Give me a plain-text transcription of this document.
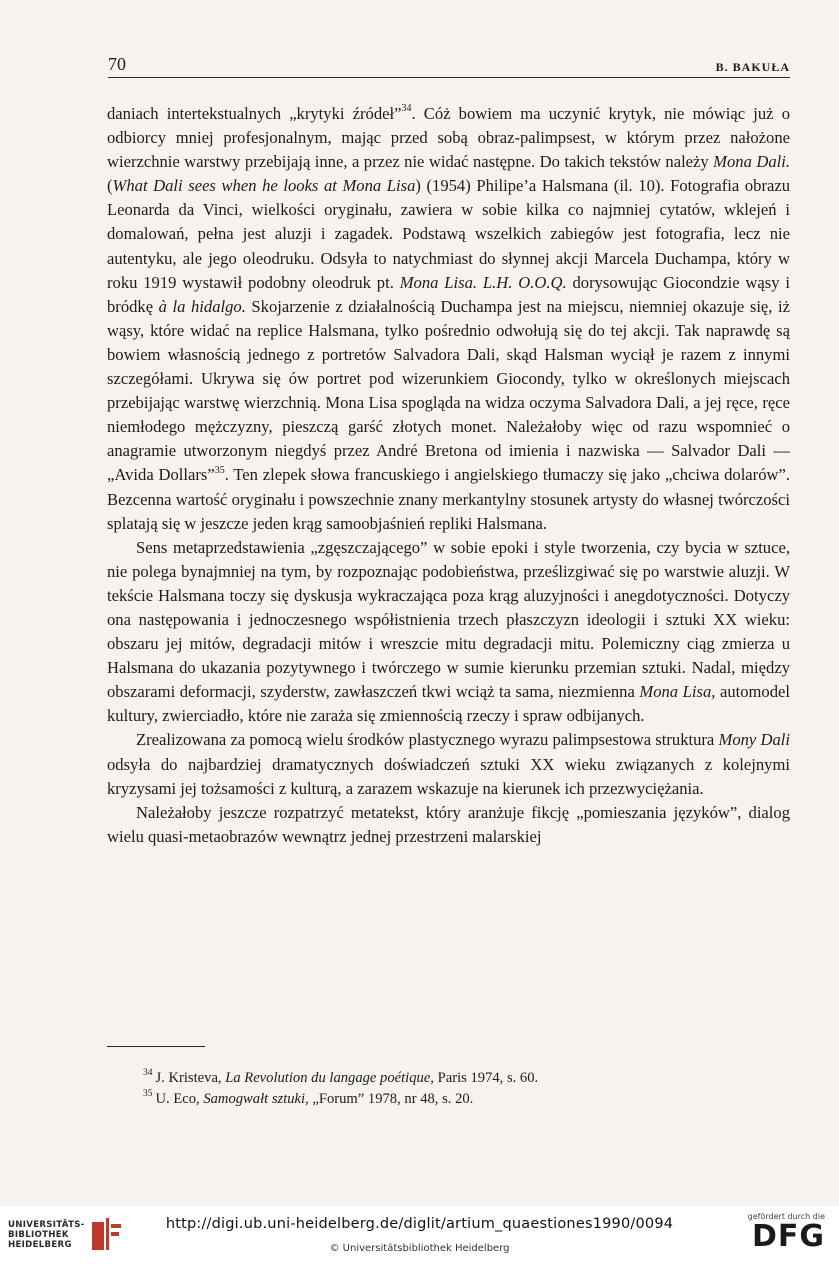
70	B. BAKUŁA

daniach intertekstualnych „krytyki źródeł”$^{34}$. Cóż bowiem ma uczynić krytyk, nie mówiąc już o odbiorcy mniej profesjonalnym, mając przed sobą obraz-palimpsest, w którym przez nałożone wierzchnie warstwy przebijają inne, a przez nie widać następne. Do takich tekstów należy Mona Dali. (What Dali sees when he looks at Mona Lisa) (1954) Philipe’a Halsmana (il. 10). Fotografia obrazu Leonarda da Vinci, wielkości oryginału, zawiera w sobie kilka co najmniej cytatów, wklejeń i domalowań, pełna jest aluzji i zagadek. Podstawą wszelkich zabiegów jest fotografia, lecz nie autentyku, ale jego oleodruku. Odsyła to natychmiast do słynnej akcji Marcela Duchampa, który w roku 1919 wystawił podobny oleodruk pt. Mona Lisa. L.H. O.O.Q. dorysowując Giocondzie wąsy i bródkę à la hidalgo. Skojarzenie z działalnością Duchampa jest na miejscu, niemniej okazuje się, iż wąsy, które widać na replice Halsmana, tylko pośrednio odwołują się do tej akcji. Tak naprawdę są bowiem własnością jednego z portretów Salvadora Dali, skąd Halsman wyciął je razem z innymi szczegółami. Ukrywa się ów portret pod wizerunkiem Giocondy, tylko w określonych miejscach przebijając warstwę wierzchnią. Mona Lisa spogląda na widza oczyma Salvadora Dali, a jej ręce, ręce niemłodego mężczyzny, pieszczą garść złotych monet. Należałoby więc od razu wspomnieć o anagramie utworzonym niegdyś przez André Bretona od imienia i nazwiska — Salvador Dali — „Avida Dollars”$^{35}$. Ten zlepek słowa francuskiego i angielskiego tłumaczy się jako „chciwa dolarów”. Bezcenna wartość oryginału i powszechnie znany merkantylny stosunek artysty do własnej twórczości splatają się w jeszcze jeden krąg samoobjaśnień repliki Halsmana.

Sens metaprzedstawienia „zgęszczającego” w sobie epoki i style tworzenia, czy bycia w sztuce, nie polega bynajmniej na tym, by rozpoznając podobieństwa, prześlizgiwać się po warstwie aluzji. W tekście Halsmana toczy się dyskusja wykraczająca poza krąg aluzyjności i anegdotyczności. Dotyczy ona następowania i jednoczesnego współistnienia trzech płaszczyzn ideologii i sztuki XX wieku: obszaru jej mitów, degradacji mitów i wreszcie mitu degradacji mitu. Polemiczny ciąg zmierza u Halsmana do ukazania pozytywnego i twórczego w sumie kierunku przemian sztuki. Nadal, między obszarami deformacji, szyderstw, zawłaszczeń tkwi wciąż ta sama, niezmienna Mona Lisa, automodel kultury, zwierciadło, które nie zaraża się zmiennością rzeczy i spraw odbijanych.

Zrealizowana za pomocą wielu środków plastycznego wyrazu palimpsestowa struktura Mony Dali odsyła do najbardziej dramatycznych doświadczeń sztuki XX wieku związanych z kolejnymi kryzysami jej tożsamości z kulturą, a zarazem wskazuje na kierunek ich przezwyciężania.

Należałoby jeszcze rozpatrzyć metatekst, który aranżuje fikcję „pomieszania języków”, dialog wielu quasi-metaobrazów wewnątrz jednej przestrzeni malarskiej

$^{34}$ J. Kristeva, La Revolution du langage poétique, Paris 1974, s. 60.
$^{35}$ U. Eco, Samogwałt sztuki, „Forum” 1978, nr 48, s. 20.
UNIVERSITÄTS-
BIBLIOTHEK
HEIDELBERG
http://digi.ub.uni-heidelberg.de/diglit/artium_quaestiones1990/0094
© Universitätsbibliothek Heidelberg
gefördert durch die
DFG
